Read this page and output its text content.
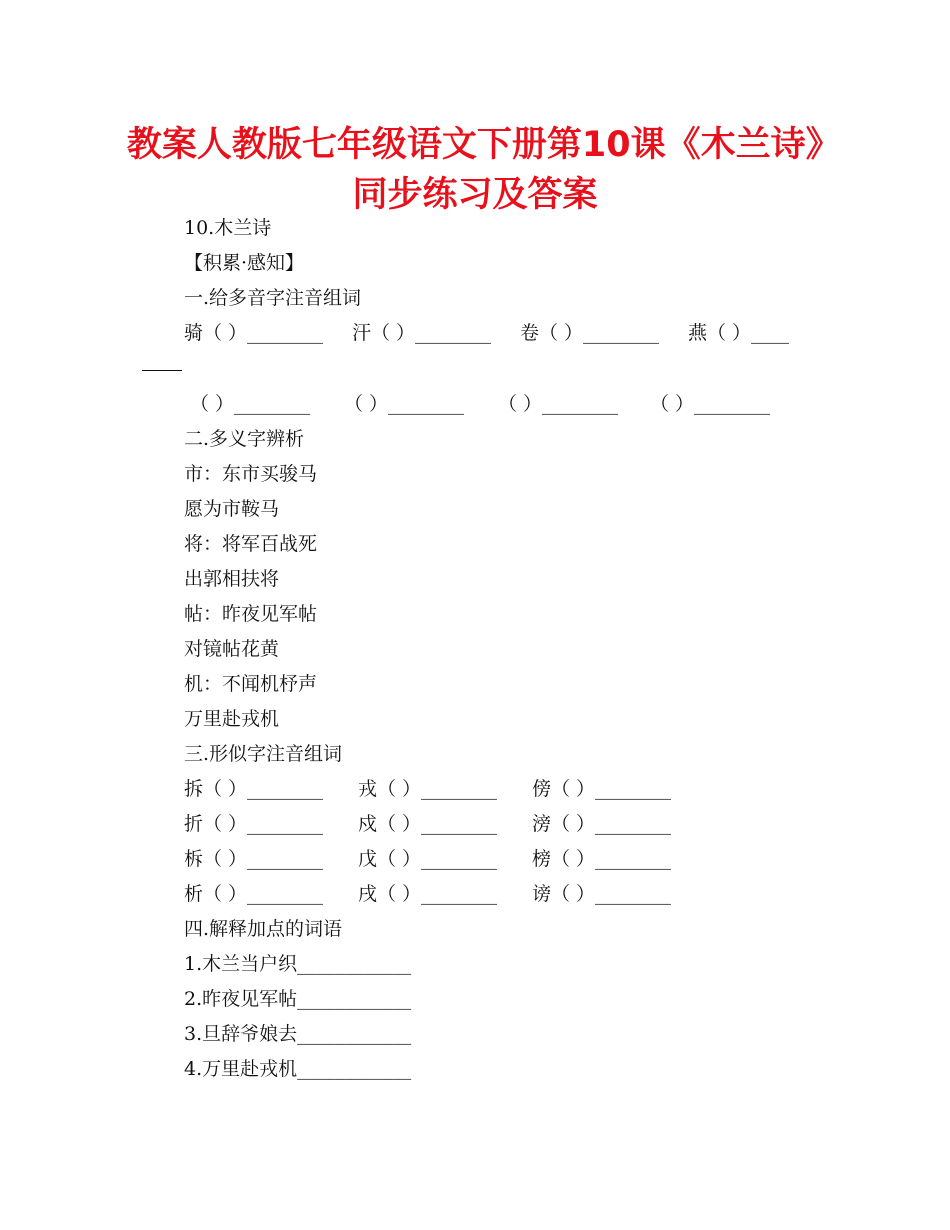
教案人教版七年级语文下册第10课《木兰诗》同步练习及答案
10.木兰诗
【积累·感知】
一.给多音字注音组词

骑（ ）________

汗（ ）________

卷（ ）________

燕（ ）____

（ ）________

（ ）________

（ ）________

（ ）________

二.多义字辨析
市：东市买骏马
愿为市鞍马
将：将军百战死
出郭相扶将
帖：昨夜见军帖
对镜帖花黄
机：不闻机杼声
万里赴戎机
三.形似字注音组词

拆（ ）________

戎（ ）________

傍（ ）________

折（ ）________

戍（ ）________

滂（ ）________

柝（ ）________

戊（ ）________

榜（ ）________

析（ ）________

戌（ ）________

谤（ ）________

四.解释加点的词语
1.木兰当户织____________
2.昨夜见军帖____________
3.旦辞爷娘去____________
4.万里赴戎机____________
